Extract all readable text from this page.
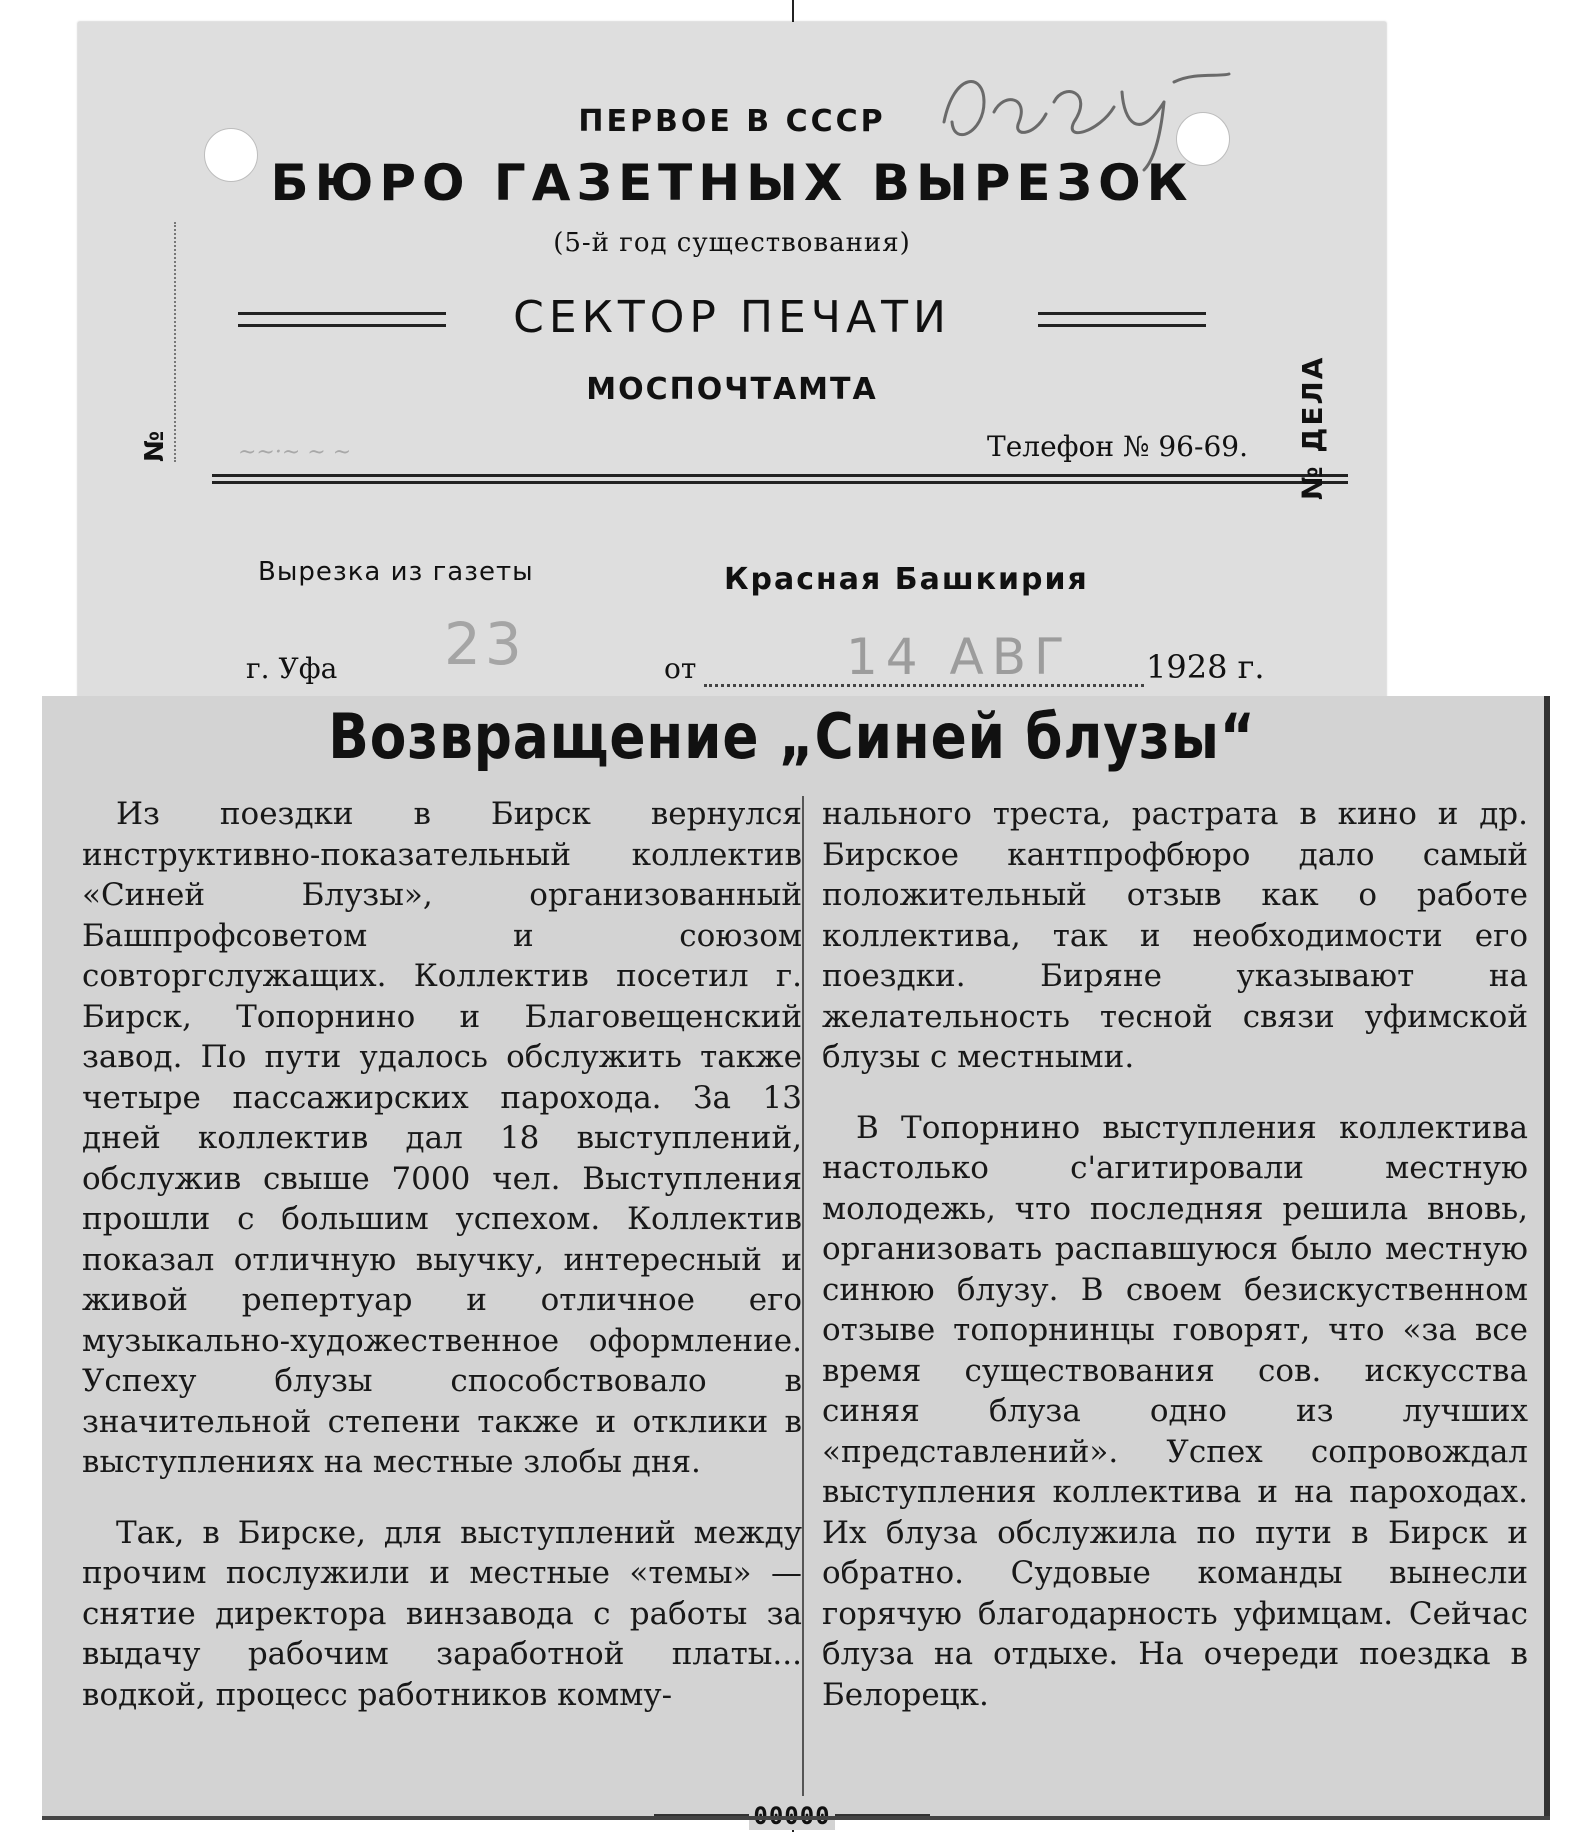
ПЕРВОЕ В СССР
БЮРО ГАЗЕТНЫХ ВЫРЕЗОК
(5-й год существования)
СЕКТОР ПЕЧАТИ
МОСПОЧТАМТА
№	~~·~ ~ ~	Телефон № 96-69. № ДЕЛА
Вырезка из газеты	Красная Башкирия
23	14 АВГ
г. Уфа	от	1928 г.
Возвращение „Синей блузы“

Из поездки в Бирск вернулся инструктивно-показательный коллектив «Синей Блузы», организованный Башпрофсоветом и союзом совторгслужащих. Коллектив посетил г. Бирск, Топорнино и Благовещенский завод. По пути удалось обслужить также четыре пассажирских парохода. За 13 дней коллектив дал 18 выступлений, обслужив свыше 7000 чел. Выступления прошли с большим успехом. Коллектив показал отличную выучку, интересный и живой репертуар и отличное его музыкально-художественное оформление. Успеху блузы способствовало в значительной степени также и отклики в выступлениях на местные злобы дня.

Так, в Бирске, для выступлений между прочим послужили и местные «темы» — снятие директора винзавода с работы за выдачу рабочим заработной платы... водкой, процесс работников комму-

нального треста, растрата в кино и др. Бирское кантпрофбюро дало самый положительный отзыв как о работе коллектива, так и необходимости его поездки. Бирянe указывают на желательность тесной связи уфимской блузы с местными.

В Топорнино выступления коллектива настолько с'агитировали местную молодежь, что последняя решила вновь, организовать распавшуюся было местную синюю блузу. В своем безискуственном отзыве топорнинцы говорят, что «за все время существования сов. искусства синяя блуза одно из лучших «представлений». Успех сопровождал выступления коллектива и на пароходах. Их блуза обслужила по пути в Бирск и обратно. Судовые команды вынесли горячую благодарность уфимцам. Сейчас блуза на отдыхе. На очереди поездка в Белорецк.
